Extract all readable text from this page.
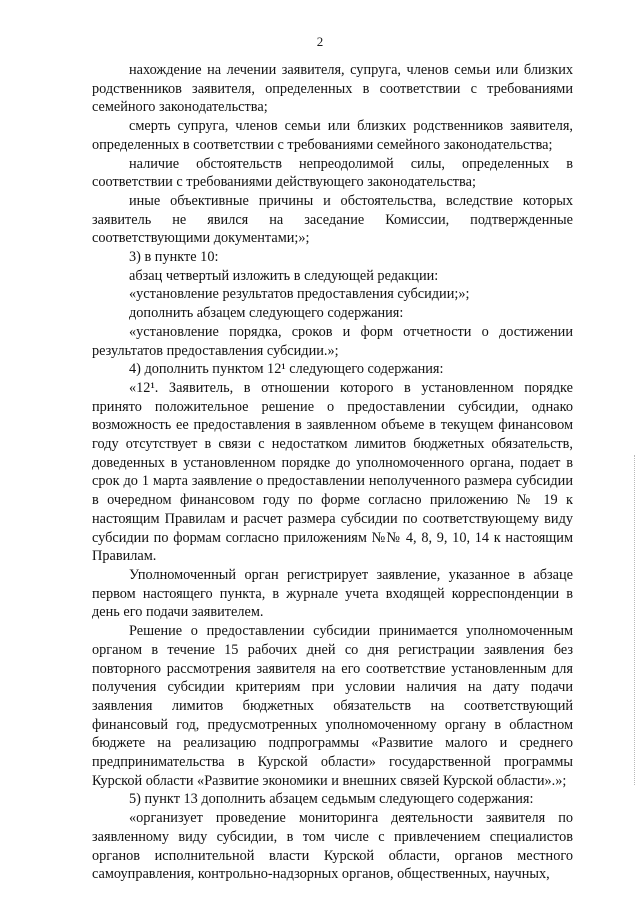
2

нахождение на лечении заявителя, супруга, членов семьи или близких родственников заявителя, определенных в соответствии с требованиями семейного законодательства;

смерть супруга, членов семьи или близких родственников заявителя, определенных в соответствии с требованиями семейного законодательства;

наличие обстоятельств непреодолимой силы, определенных в соответствии с требованиями действующего законодательства;

иные объективные причины и обстоятельства, вследствие которых заявитель не явился на заседание Комиссии, подтвержденные соответствующими документами;»;

3) в пункте 10:

абзац четвертый изложить в следующей редакции:

«установление результатов предоставления субсидии;»;

дополнить абзацем следующего содержания:

«установление порядка, сроков и форм отчетности о достижении результатов предоставления субсидии.»;

4) дополнить пунктом 12¹ следующего содержания:

«12¹. Заявитель, в отношении которого в установленном порядке принято положительное решение о предоставлении субсидии, однако возможность ее предоставления в заявленном объеме в текущем финансовом году отсутствует в связи с недостатком лимитов бюджетных обязательств, доведенных в установленном порядке до уполномоченного органа, подает в срок до 1 марта заявление о предоставлении неполученного размера субсидии в очередном финансовом году по форме согласно приложению № 19 к настоящим Правилам и расчет размера субсидии по соответствующему виду субсидии по формам согласно приложениям №№ 4, 8, 9, 10, 14 к настоящим Правилам.

Уполномоченный орган регистрирует заявление, указанное в абзаце первом настоящего пункта, в журнале учета входящей корреспонденции в день его подачи заявителем.

Решение о предоставлении субсидии принимается уполномоченным органом в течение 15 рабочих дней со дня регистрации заявления без повторного рассмотрения заявителя на его соответствие установленным для получения субсидии критериям при условии наличия на дату подачи заявления лимитов бюджетных обязательств на соответствующий финансовый год, предусмотренных уполномоченному органу в областном бюджете на реализацию подпрограммы «Развитие малого и среднего предпринимательства в Курской области» государственной программы Курской области «Развитие экономики и внешних связей Курской области».»;

5) пункт 13 дополнить абзацем седьмым следующего содержания:

«организует проведение мониторинга деятельности заявителя по заявленному виду субсидии, в том числе с привлечением специалистов органов исполнительной власти Курской области, органов местного самоуправления, контрольно-надзорных органов, общественных, научных,
